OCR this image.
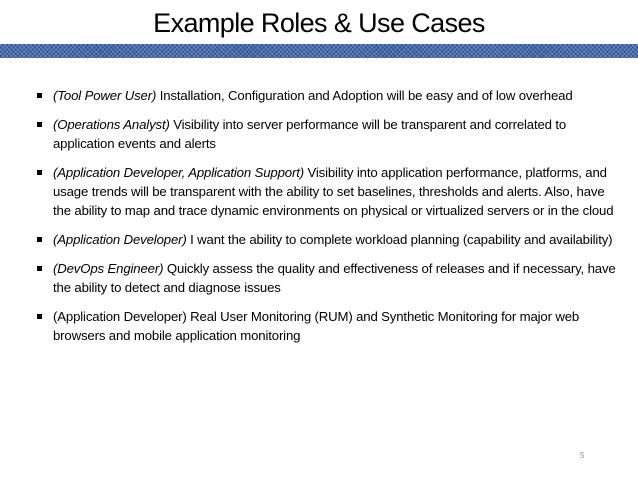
Example Roles & Use Cases
(Tool Power User) Installation, Configuration and Adoption will be easy and of low overhead
(Operations Analyst) Visibility into server performance will be transparent and correlated to application events and alerts
(Application Developer, Application Support) Visibility into application performance, platforms, and usage trends will be transparent with the ability to set baselines, thresholds and alerts. Also, have the ability to map and trace dynamic environments on physical or virtualized servers or in the cloud
(Application Developer) I want the ability to complete workload planning (capability and availability)
(DevOps Engineer) Quickly assess the quality and effectiveness of releases and if necessary, have the ability to detect and diagnose issues
(Application Developer) Real User Monitoring (RUM) and Synthetic Monitoring for major web browsers and mobile application monitoring
5
